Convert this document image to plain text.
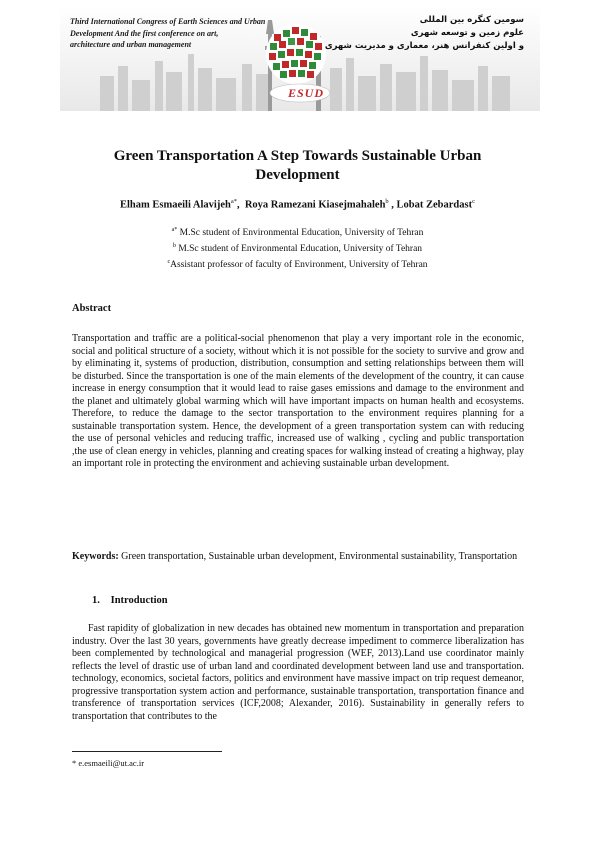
Third International Congress of Earth Sciences and Urban
Development And the first conference on art,
architecture and urban management
سومین کنگره بین المللی
علوم زمین و توسعه شهری
و اولین کنفرانس هنر، معماری و مدیریت شهری
ESUD
Green Transportation A Step Towards Sustainable Urban
Development
Elham Esmaeili Alavijeh$^{a*}$,  Roya Ramezani Kiasejmahaleh$^b$ , Lobat Zebardast$^c$
$^{a*}$ M.Sc student of Environmental Education, University of Tehran
$^b$ M.Sc student of Environmental Education, University of Tehran
$^c$Assistant professor of faculty of Environment, University of Tehran
Abstract

Transportation and traffic are a political-social phenomenon that play a very important role in the economic, social and political structure of a society, without which it is not possible for the society to survive and grow and by eliminating it, systems of production, distribution, consumption and setting relationships between them will be disturbed. Since the transportation is one of the main elements of the development of the country, it can cause increase in energy consumption that it would lead to raise gases emissions and damage to the environment and the planet and ultimately global warming which will have important impacts on human health and ecosystems. Therefore, to reduce the damage to the sector transportation to the environment requires planning for a sustainable transportation system. Hence, the development of a green transportation system can with reducing the use of personal vehicles and reducing traffic, increased use of walking , cycling and public transportation ,the use of clean energy in vehicles, planning and creating spaces for walking instead of creating a highway, play an important role in protecting the environment and achieving sustainable urban development.

Keywords: Green transportation, Sustainable urban development, Environmental sustainability, Transportation

1. Introduction

Fast rapidity of globalization in new decades has obtained new momentum in transportation and preparation industry. Over the last 30 years, governments have greatly decrease impediment to commerce liberalization has been complemented by technological and managerial progression (WEF, 2013).Land use coordinator mainly reflects the level of drastic use of urban land and coordinated development between land use and transportation. technology, economics, societal factors, politics and environment have massive impact on trip request demeanor, progressive transportation system action and performance, sustainable transportation, transportation finance and transference of transportation services (ICF,2008; Alexander, 2016). Sustainability in generally refers to transportation that contributes to the

* e.esmaeili@ut.ac.ir
